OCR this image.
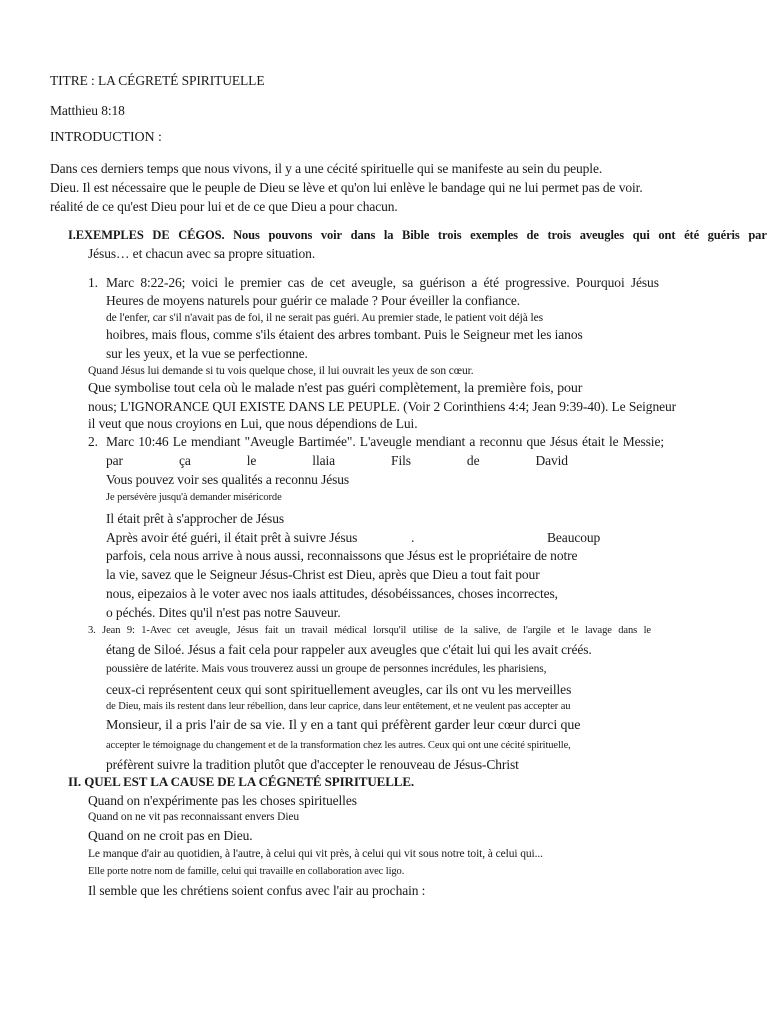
TITRE : LA CÉGRETÉ SPIRITUELLE

Matthieu 8:18

INTRODUCTION :

Dans ces derniers temps que nous vivons, il y a une cécité spirituelle qui se manifeste au sein du peuple.

Dieu. Il est nécessaire que le peuple de Dieu se lève et qu'on lui enlève le bandage qui ne lui permet pas de voir.

réalité de ce qu'est Dieu pour lui et de ce que Dieu a pour chacun.

I.EXEMPLES DE CÉGOS. Nous pouvons voir dans la Bible trois exemples de trois aveugles qui ont été guéris par

Jésus… et chacun avec sa propre situation.

1. Marc 8:22-26; voici le premier cas de cet aveugle, sa guérison a été progressive. Pourquoi Jésus

Heures de moyens naturels pour guérir ce malade ? Pour éveiller la confiance.

de l'enfer, car s'il n'avait pas de foi, il ne serait pas guéri. Au premier stade, le patient voit déjà les

hoibres, mais flous, comme s'ils étaient des arbres tombant. Puis le Seigneur met les ianos

sur les yeux, et la vue se perfectionne.

Quand Jésus lui demande si tu vois quelque chose, il lui ouvrait les yeux de son cœur.

Que symbolise tout cela où le malade n'est pas guéri complètement, la première fois, pour

nous; L'IGNORANCE QUI EXISTE DANS LE PEUPLE. (Voir 2 Corinthiens 4:4; Jean 9:39-40). Le Seigneur

il veut que nous croyions en Lui, que nous dépendions de Lui.

2. Marc 10:46 Le mendiant "Aveugle Bartimée". L'aveugle mendiant a reconnu que Jésus était le Messie;
par	ça	le	llaia	Fils	de	David

Vous pouvez voir ses qualités a reconnu Jésus

Je persévère jusqu'à demander miséricorde

Il était prêt à s'approcher de Jésus

Après avoir été guéri, il était prêt à suivre Jésus	.	Beaucoup

parfois, cela nous arrive à nous aussi, reconnaissons que Jésus est le propriétaire de notre

la vie, savez que le Seigneur Jésus-Christ est Dieu, après que Dieu a tout fait pour

nous, eipezaios à le voter avec nos iaals attitudes, désobéissances, choses incorrectes,

o péchés. Dites qu'il n'est pas notre Sauveur.

3. Jean 9: 1-Avec cet aveugle, Jésus fait un travail médical lorsqu'il utilise de la salive, de l'argile et le lavage dans le

étang de Siloé. Jésus a fait cela pour rappeler aux aveugles que c'était lui qui les avait créés.

poussière de latérite. Mais vous trouverez aussi un groupe de personnes incrédules, les pharisiens,

ceux-ci représentent ceux qui sont spirituellement aveugles, car ils ont vu les merveilles

de Dieu, mais ils restent dans leur rébellion, dans leur caprice, dans leur entêtement, et ne veulent pas accepter au

Monsieur, il a pris l'air de sa vie. Il y en a tant qui préfèrent garder leur cœur durci que

accepter le témoignage du changement et de la transformation chez les autres. Ceux qui ont une cécité spirituelle,

préfèrent suivre la tradition plutôt que d'accepter le renouveau de Jésus-Christ

II. QUEL EST LA CAUSE DE LA CÉGNETÉ SPIRITUELLE.

Quand on n'expérimente pas les choses spirituelles

Quand on ne vit pas reconnaissant envers Dieu

Quand on ne croit pas en Dieu.

Le manque d'air au quotidien, à l'autre, à celui qui vit près, à celui qui vit sous notre toit, à celui qui...

Elle porte notre nom de famille, celui qui travaille en collaboration avec ligo.

Il semble que les chrétiens soient confus avec l'air au prochain :
